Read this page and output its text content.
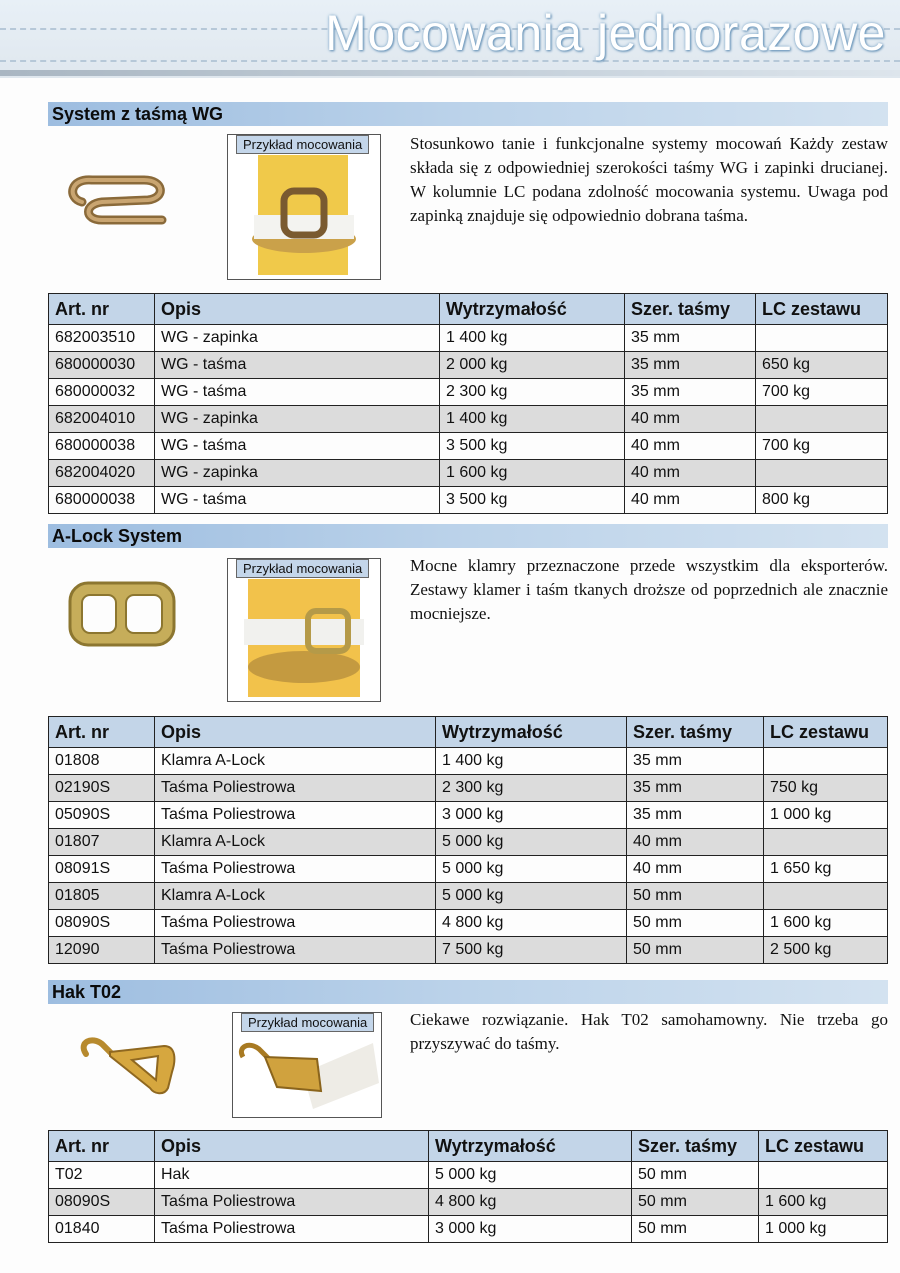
Mocowania jednorazowe
System z taśmą WG
Przykład mocowania	Stosunkowo tanie i funkcjonalne systemy mocowań Każdy zestaw składa się z odpowiedniej szerokości taśmy WG i zapinki drucianej. W kolumnie LC podana zdolność mocowania systemu. Uwaga pod zapinką znajduje się odpowiednio dobrana taśma.
Art. nr	Opis	Wytrzymałość	Szer. taśmy	LC zestawu
682003510	WG - zapinka	1 400 kg	35 mm	
680000030	WG - taśma	2 000 kg	35 mm	650 kg
680000032	WG - taśma	2 300 kg	35 mm	700 kg
682004010	WG - zapinka	1 400 kg	40 mm	
680000038	WG - taśma	3 500 kg	40 mm	700 kg
682004020	WG - zapinka	1 600 kg	40 mm	
680000038	WG - taśma	3 500 kg	40 mm	800 kg
A-Lock System
Przykład mocowania	Mocne klamry przeznaczone przede wszystkim dla eksporterów. Zestawy klamer i taśm tkanych droższe od poprzednich ale znacznie mocniejsze.
Art. nr	Opis	Wytrzymałość	Szer. taśmy	LC zestawu
01808	Klamra A-Lock	1 400 kg	35 mm	
02190S	Taśma Poliestrowa	2 300 kg	35 mm	750 kg
05090S	Taśma Poliestrowa	3 000 kg	35 mm	1 000 kg
01807	Klamra A-Lock	5 000 kg	40 mm	
08091S	Taśma Poliestrowa	5 000 kg	40 mm	1 650 kg
01805	Klamra A-Lock	5 000 kg	50 mm	
08090S	Taśma Poliestrowa	4 800 kg	50 mm	1 600 kg
12090	Taśma Poliestrowa	7 500 kg	50 mm	2 500 kg
Hak T02
Przykład mocowania	Ciekawe rozwiązanie. Hak T02 samohamowny. Nie trzeba go przyszywać do taśmy.
Art. nr	Opis	Wytrzymałość	Szer. taśmy	LC zestawu
T02	Hak	5 000 kg	50 mm	
08090S	Taśma Poliestrowa	4 800 kg	50 mm	1 600 kg
01840	Taśma Poliestrowa	3 000 kg	50 mm	1 000 kg
